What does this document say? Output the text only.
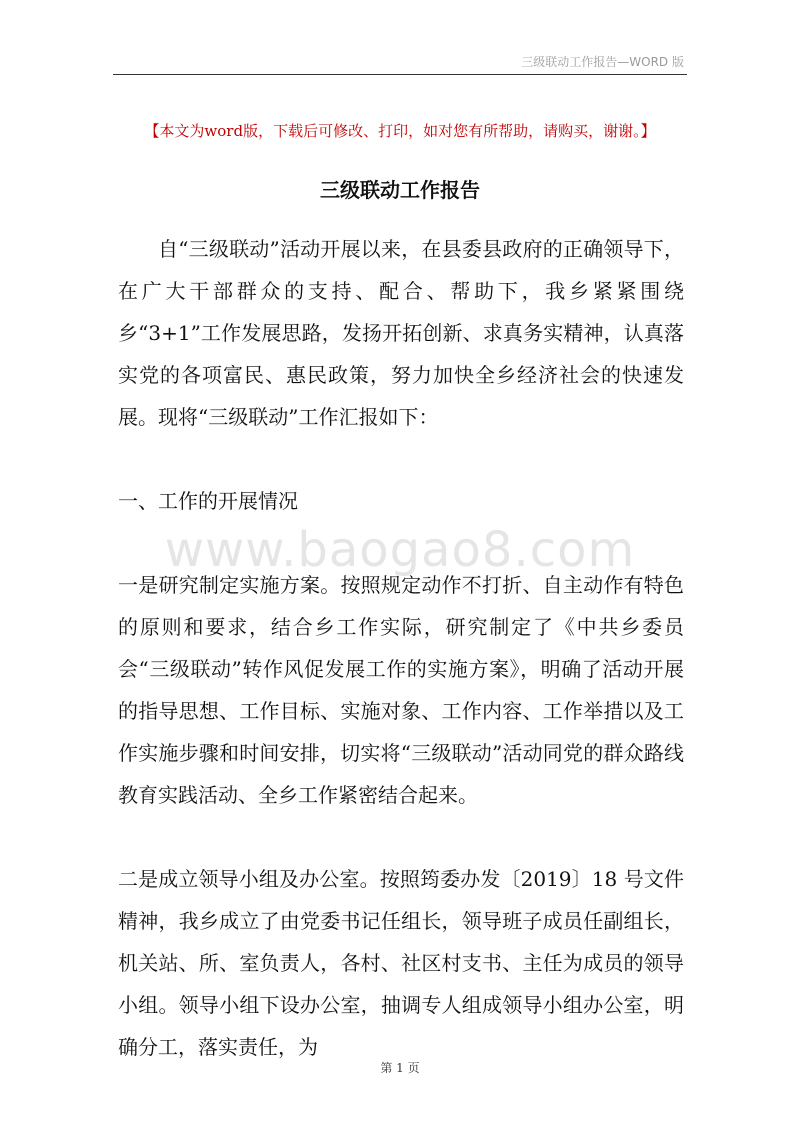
三级联动工作报告—WORD 版
【本文为word版，下载后可修改、打印，如对您有所帮助，请购买，谢谢。】
三级联动工作报告

自“三级联动”活动开展以来，在县委县政府的正确领导下，在广大干部群众的支持、配合、帮助下，我乡紧紧围绕乡“3+1”工作发展思路，发扬开拓创新、求真务实精神，认真落实党的各项富民、惠民政策，努力加快全乡经济社会的快速发展。现将“三级联动”工作汇报如下：

一、工作的开展情况

一是研究制定实施方案。按照规定动作不打折、自主动作有特色的原则和要求，结合乡工作实际，研究制定了《中共乡委员会“三级联动”转作风促发展工作的实施方案》，明确了活动开展的指导思想、工作目标、实施对象、工作内容、工作举措以及工作实施步骤和时间安排，切实将“三级联动”活动同党的群众路线教育实践活动、全乡工作紧密结合起来。

二是成立领导小组及办公室。按照筠委办发〔2019〕18 号文件精神，我乡成立了由党委书记任组长，领导班子成员任副组长，机关站、所、室负责人，各村、社区村支书、主任为成员的领导小组。领导小组下设办公室，抽调专人组成领导小组办公室，明确分工，落实责任，为

www.baogao8.com
第 1 页
